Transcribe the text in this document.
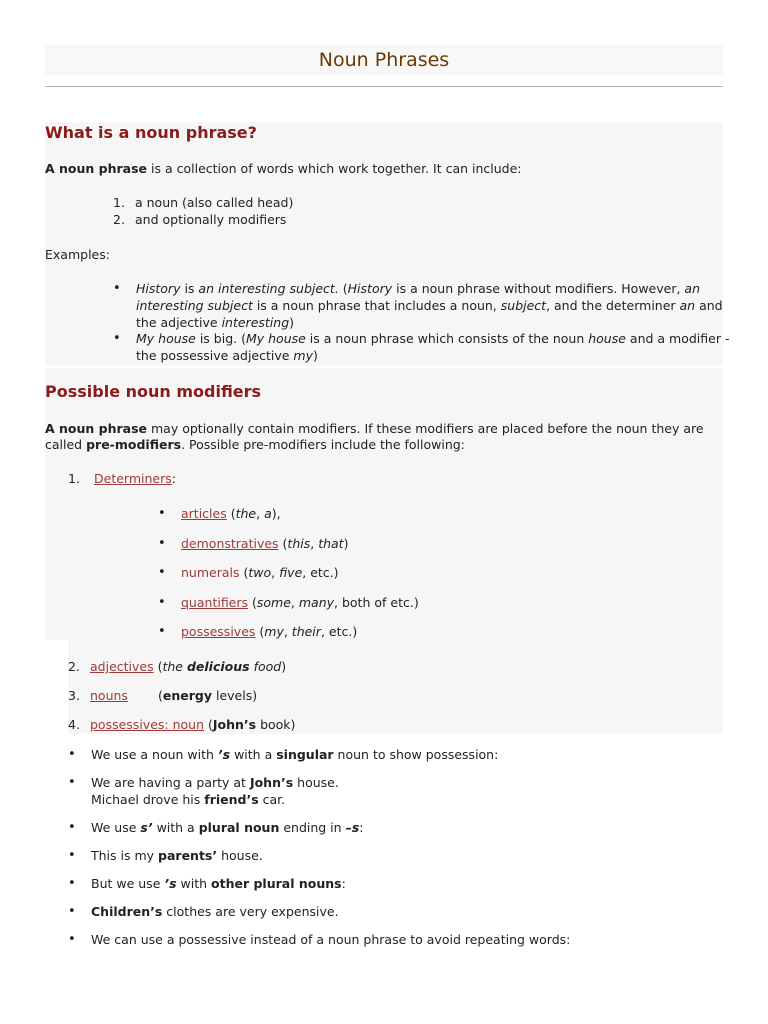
Noun Phrases
What is a noun phrase?
A noun phrase is a collection of words which work together. It can include:
1. a noun (also called head)
2. and optionally modifiers
Examples:
• History is an interesting subject. (History is a noun phrase without modifiers. However, an
interesting subject is a noun phrase that includes a noun, subject, and the determiner an and
the adjective interesting)
• My house is big. (My house is a noun phrase which consists of the noun house and a modifier -
the possessive adjective my)
Possible noun modifiers
A noun phrase may optionally contain modifiers. If these modifiers are placed before the noun they are
called pre-modifiers. Possible pre-modifiers include the following:
1. Determiners:
• articles (the, a),
• demonstratives (this, that)
• numerals (two, five, etc.)
• quantifiers (some, many, both of etc.)
• possessives (my, their, etc.)
2. adjectives (the delicious food)
3. nouns(energy levels)
4. possessives: noun (John’s book)
• We use a noun with ’s with a singular noun to show possession:
• We are having a party at John’s house.
Michael drove his friend’s car.
• We use s’ with a plural noun ending in –s:
• This is my parents’ house.
• But we use ’s with other plural nouns:
• Children’s clothes are very expensive.
• We can use a possessive instead of a noun phrase to avoid repeating words:
